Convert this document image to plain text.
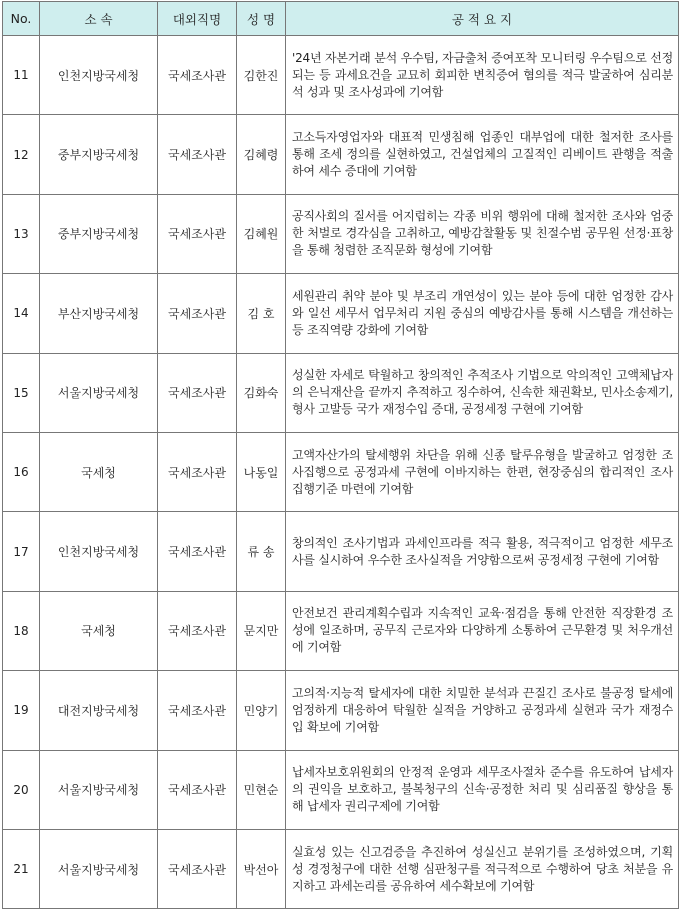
No.	소 속	대외직명	성 명	공 적 요 지
11	인천지방국세청	국세조사관	김한진	'24년 자본거래 분석 우수팀, 자금출처 증여포착 모니터링 우수팀으로 선정되는 등 과세요건을 교묘히 회피한 변칙증여 혐의를 적극 발굴하여 심리분석 성과 및 조사성과에 기여함
12	중부지방국세청	국세조사관	김혜령	고소득자영업자와 대표적 민생침해 업종인 대부업에 대한 철저한 조사를 통해 조세 정의를 실현하였고, 건설업체의 고질적인 리베이트 관행을 적출하여 세수 증대에 기여함
13	중부지방국세청	국세조사관	김혜원	공직사회의 질서를 어지럽히는 각종 비위 행위에 대해 철저한 조사와 엄중한 처벌로 경각심을 고취하고, 예방감찰활동 및 친절수범 공무원 선정·표창을 통해 청렴한 조직문화 형성에 기여함
14	부산지방국세청	국세조사관	김 호	세원관리 취약 분야 및 부조리 개연성이 있는 분야 등에 대한 엄정한 감사와 일선 세무서 업무처리 지원 중심의 예방감사를 통해 시스템을 개선하는 등 조직역량 강화에 기여함
15	서울지방국세청	국세조사관	김화숙	성실한 자세로 탁월하고 창의적인 추적조사 기법으로 악의적인 고액체납자의 은닉재산을 끝까지 추적하고 징수하여, 신속한 채권확보, 민사소송제기, 형사 고발등 국가 재정수입 증대, 공정세정 구현에 기여함
16	국세청	국세조사관	나동일	고액자산가의 탈세행위 차단을 위해 신종 탈루유형을 발굴하고 엄정한 조사집행으로 공정과세 구현에 이바지하는 한편, 현장중심의 합리적인 조사 집행기준 마련에 기여함
17	인천지방국세청	국세조사관	류 송	창의적인 조사기법과 과세인프라를 적극 활용, 적극적이고 엄정한 세무조사를 실시하여 우수한 조사실적을 거양함으로써 공정세정 구현에 기여함
18	국세청	국세조사관	문지만	안전보건 관리계획수립과 지속적인 교육·점검을 통해 안전한 직장환경 조성에 일조하며, 공무직 근로자와 다양하게 소통하여 근무환경 및 처우개선에 기여함
19	대전지방국세청	국세조사관	민양기	고의적·지능적 탈세자에 대한 치밀한 분석과 끈질긴 조사로 불공정 탈세에 엄정하게 대응하여 탁월한 실적을 거양하고 공정과세 실현과 국가 재정수입 확보에 기여함
20	서울지방국세청	국세조사관	민현순	납세자보호위원회의 안정적 운영과 세무조사절차 준수를 유도하여 납세자의 권익을 보호하고, 불복청구의 신속·공정한 처리 및 심리품질 향상을 통해 납세자 권리구제에 기여함
21	서울지방국세청	국세조사관	박선아	실효성 있는 신고검증을 추진하여 성실신고 분위기를 조성하였으며, 기획성 경정청구에 대한 선행 심판청구를 적극적으로 수행하여 당초 처분을 유지하고 과세논리를 공유하여 세수확보에 기여함
